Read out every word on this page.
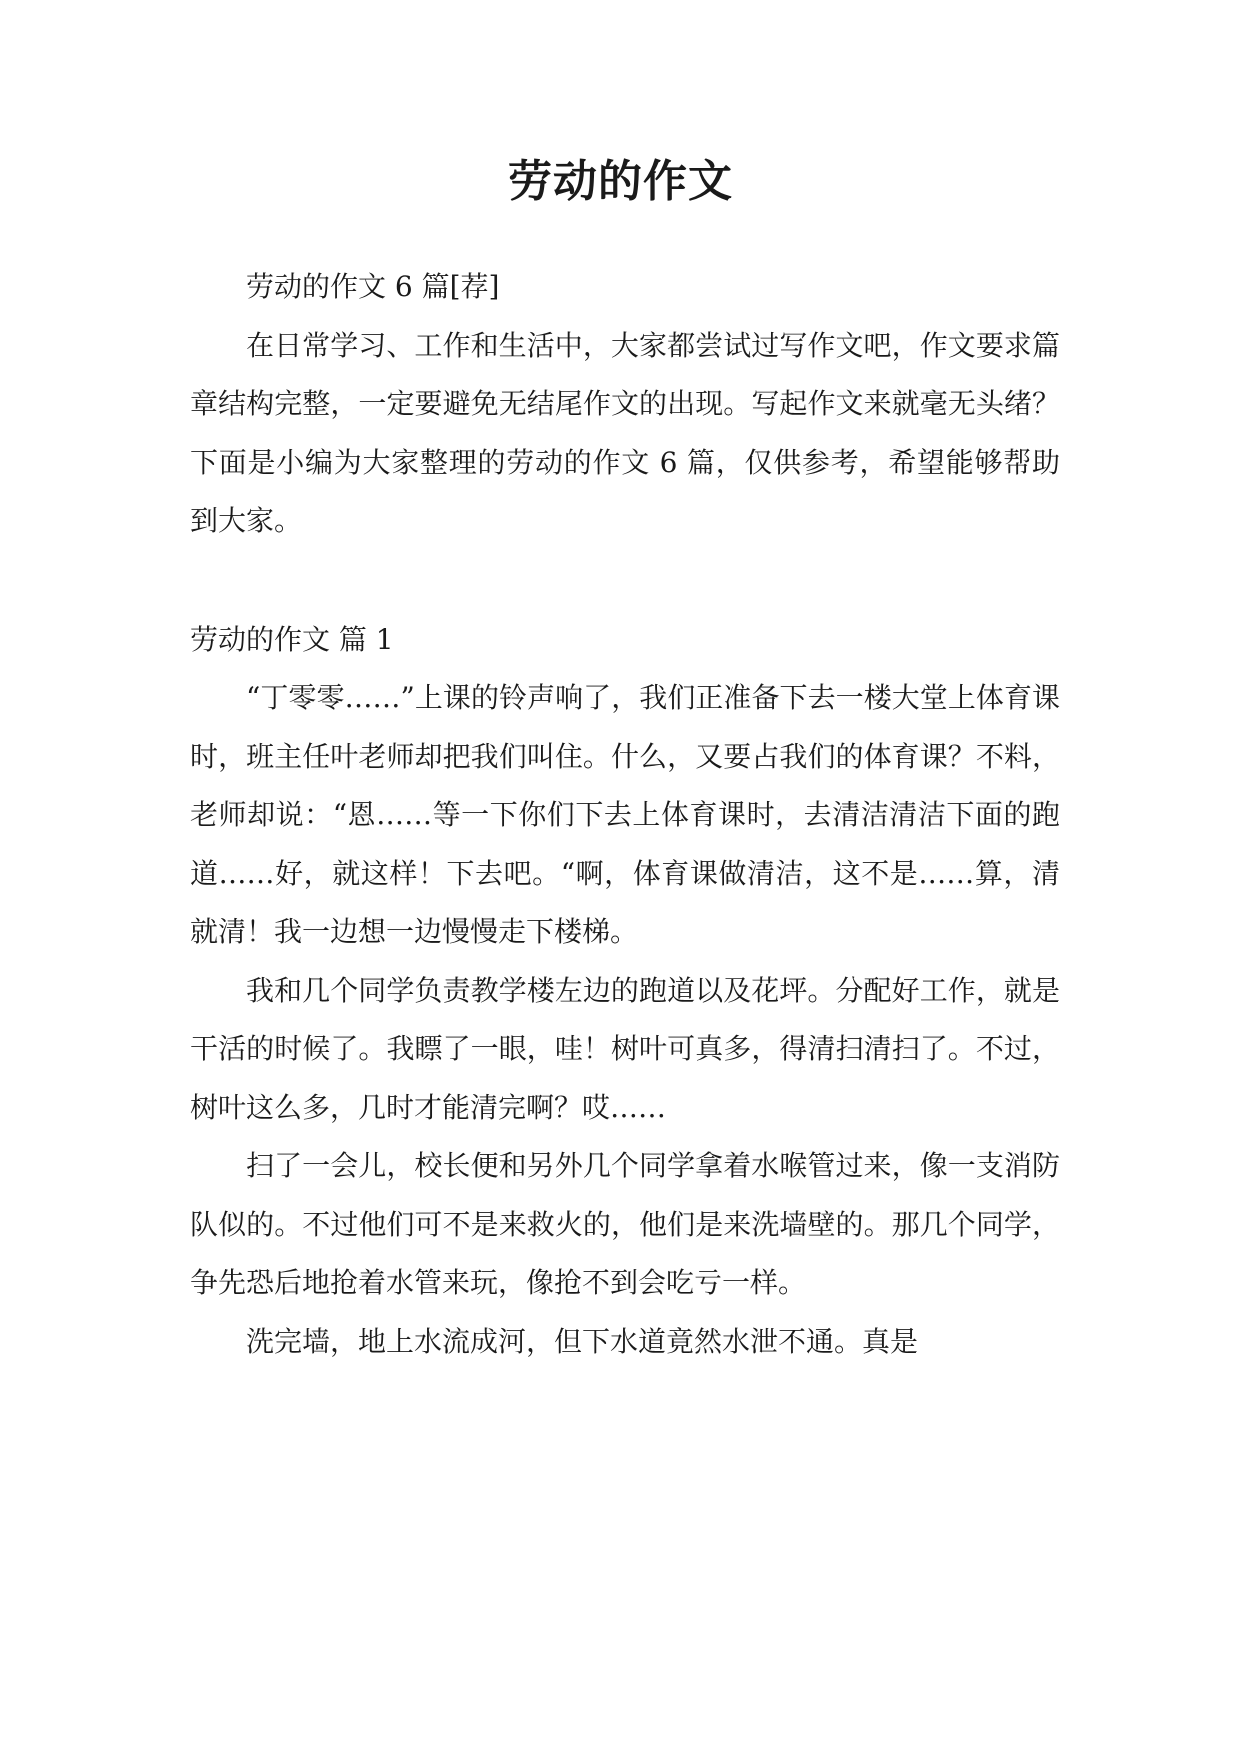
劳动的作文

劳动的作文 6 篇[荐]

在日常学习、工作和生活中，大家都尝试过写作文吧，作文要求篇章结构完整，一定要避免无结尾作文的出现。写起作文来就毫无头绪？下面是小编为大家整理的劳动的作文 6 篇，仅供参考，希望能够帮助到大家。

劳动的作文 篇 1

“丁零零……”上课的铃声响了，我们正准备下去一楼大堂上体育课时，班主任叶老师却把我们叫住。什么，又要占我们的体育课？不料，老师却说：“恩……等一下你们下去上体育课时，去清洁清洁下面的跑道……好，就这样！下去吧。“啊，体育课做清洁，这不是……算，清就清！我一边想一边慢慢走下楼梯。

我和几个同学负责教学楼左边的跑道以及花坪。分配好工作，就是干活的时候了。我瞟了一眼，哇！树叶可真多，得清扫清扫了。不过，树叶这么多，几时才能清完啊？哎……

扫了一会儿，校长便和另外几个同学拿着水喉管过来，像一支消防队似的。不过他们可不是来救火的，他们是来洗墙壁的。那几个同学，争先恐后地抢着水管来玩，像抢不到会吃亏一样。

洗完墙，地上水流成河，但下水道竟然水泄不通。真是
